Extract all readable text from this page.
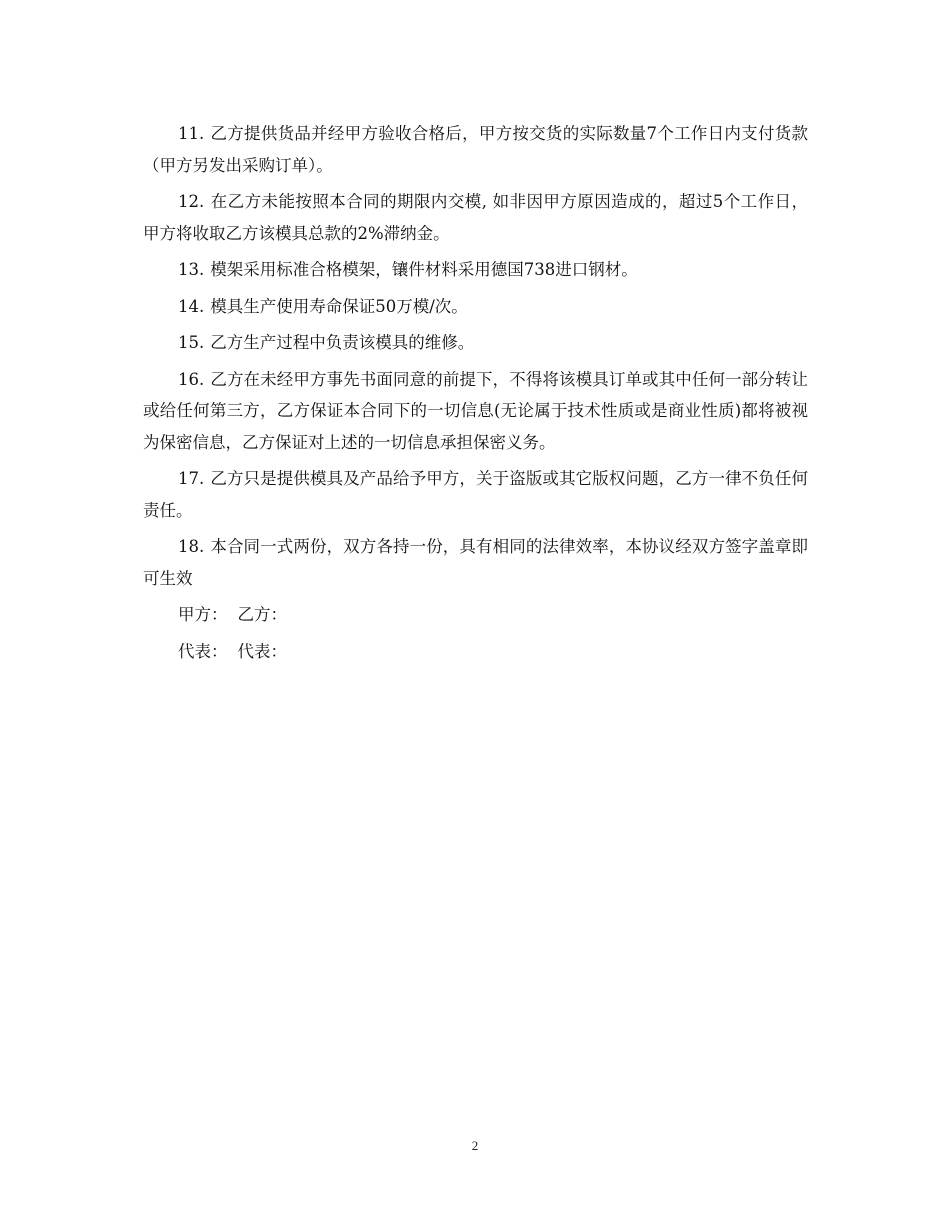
11. 乙方提供货品并经甲方验收合格后，甲方按交货的实际数量7个工作日内支付货款（甲方另发出采购订单）。

12. 在乙方未能按照本合同的期限内交模, 如非因甲方原因造成的，超过5个工作日，甲方将收取乙方该模具总款的2%滞纳金。

13. 模架采用标准合格模架，镶件材料采用德国738进口钢材。

14. 模具生产使用寿命保证50万模/次。

15. 乙方生产过程中负责该模具的维修。

16. 乙方在未经甲方事先书面同意的前提下，不得将该模具订单或其中任何一部分转让或给任何第三方，乙方保证本合同下的一切信息(无论属于技术性质或是商业性质)都将被视为保密信息，乙方保证对上述的一切信息承担保密义务。

17. 乙方只是提供模具及产品给予甲方，关于盗版或其它版权问题，乙方一律不负任何责任。

18. 本合同一式两份，双方各持一份，具有相同的法律效率，本协议经双方签字盖章即可生效

甲方： 乙方：

代表： 代表：

2
